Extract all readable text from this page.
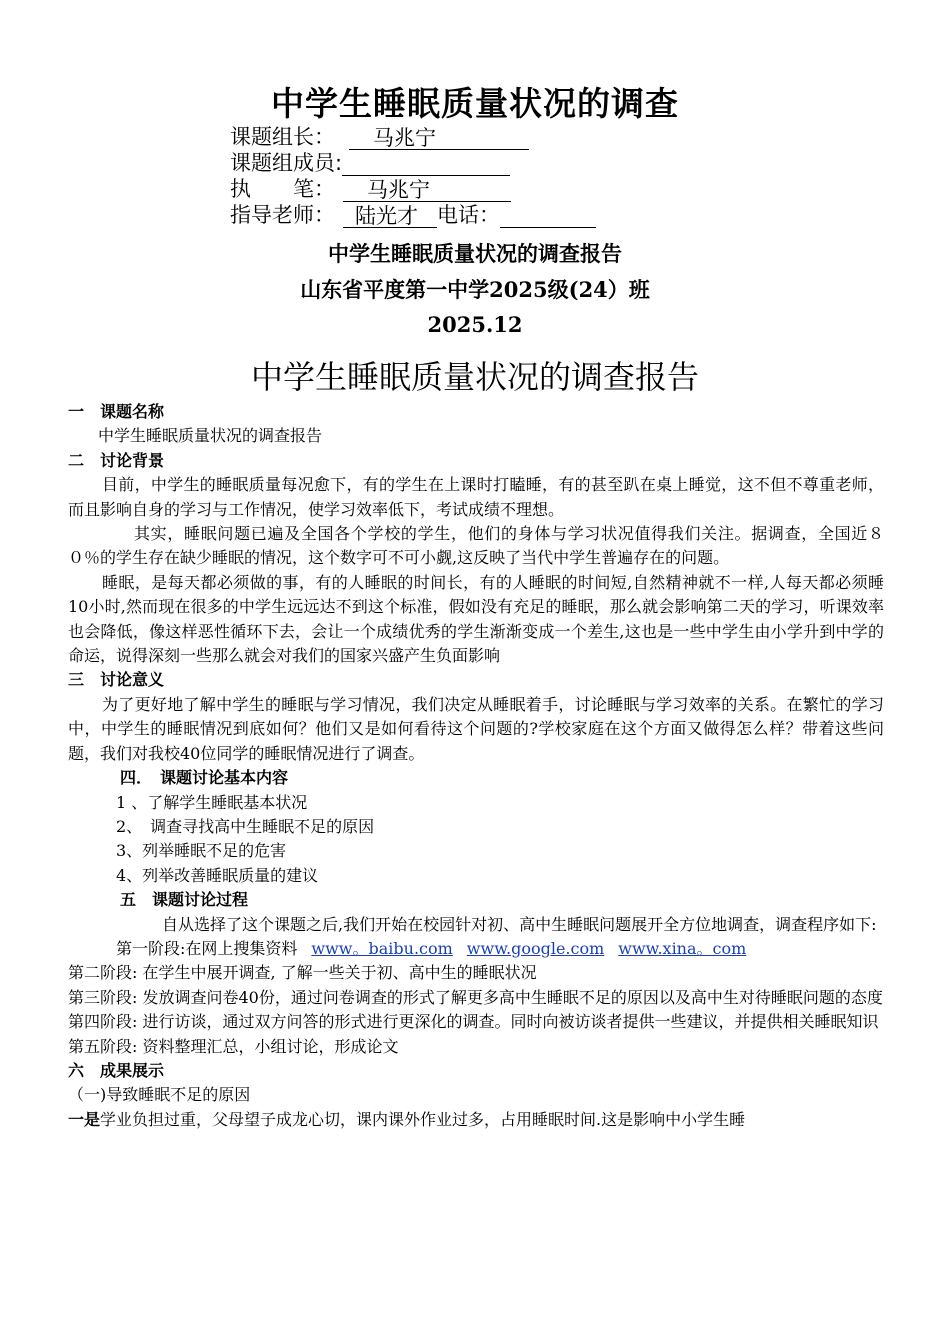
中学生睡眠质量状况的调查
课题组长： 马兆宁
课题组成员:
执　　笔： 马兆宁
指导老师： 陆光才 电话：
中学生睡眠质量状况的调查报告
山东省平度第一中学2025级(24）班
2025.12
中学生睡眠质量状况的调查报告

一　课题名称

中学生睡眠质量状况的调查报告

二　讨论背景

目前，中学生的睡眠质量每况愈下，有的学生在上课时打瞌睡，有的甚至趴在桌上睡觉，这不但不尊重老师，而且影响自身的学习与工作情况，使学习效率低下，考试成绩不理想。

其实，睡眠问题已遍及全国各个学校的学生，他们的身体与学习状况值得我们关注。据调查，全国近８０％的学生存在缺少睡眠的情况，这个数字可不可小觑,这反映了当代中学生普遍存在的问题。

睡眠，是每天都必须做的事，有的人睡眠的时间长，有的人睡眠的时间短,自然精神就不一样,人每天都必须睡10小时,然而现在很多的中学生远远达不到这个标准，假如没有充足的睡眠，那么就会影响第二天的学习，听课效率也会降低，像这样恶性循环下去，会让一个成绩优秀的学生渐渐变成一个差生,这也是一些中学生由小学升到中学的命运，说得深刻一些那么就会对我们的国家兴盛产生负面影响

三　讨论意义

为了更好地了解中学生的睡眠与学习情况，我们决定从睡眠着手，讨论睡眠与学习效率的关系。在繁忙的学习中，中学生的睡眠情况到底如何？他们又是如何看待这个问题的?学校家庭在这个方面又做得怎么样？带着这些问题，我们对我校40位同学的睡眠情况进行了调查。

四．　课题讨论基本内容

1 、了解学生睡眠基本状况

2、　调查寻找高中生睡眠不足的原因

3、列举睡眠不足的危害

4、列举改善睡眠质量的建议

五　课题讨论过程

自从选择了这个课题之后,我们开始在校园针对初、高中生睡眠问题展开全方位地调查，调查程序如下:

第一阶段:在网上搜集资料 www。baibu.com www.google.com www.xina。com

第二阶段: 在学生中展开调查, 了解一些关于初、高中生的睡眠状况

第三阶段: 发放调查问卷40份，通过问卷调查的形式了解更多高中生睡眠不足的原因以及高中生对待睡眠问题的态度

第四阶段: 进行访谈，通过双方问答的形式进行更深化的调查。同时向被访谈者提供一些建议，并提供相关睡眠知识

第五阶段: 资料整理汇总，小组讨论，形成论文

六　成果展示

（一)导致睡眠不足的原因

一是学业负担过重，父母望子成龙心切，课内课外作业过多，占用睡眠时间.这是影响中小学生睡
